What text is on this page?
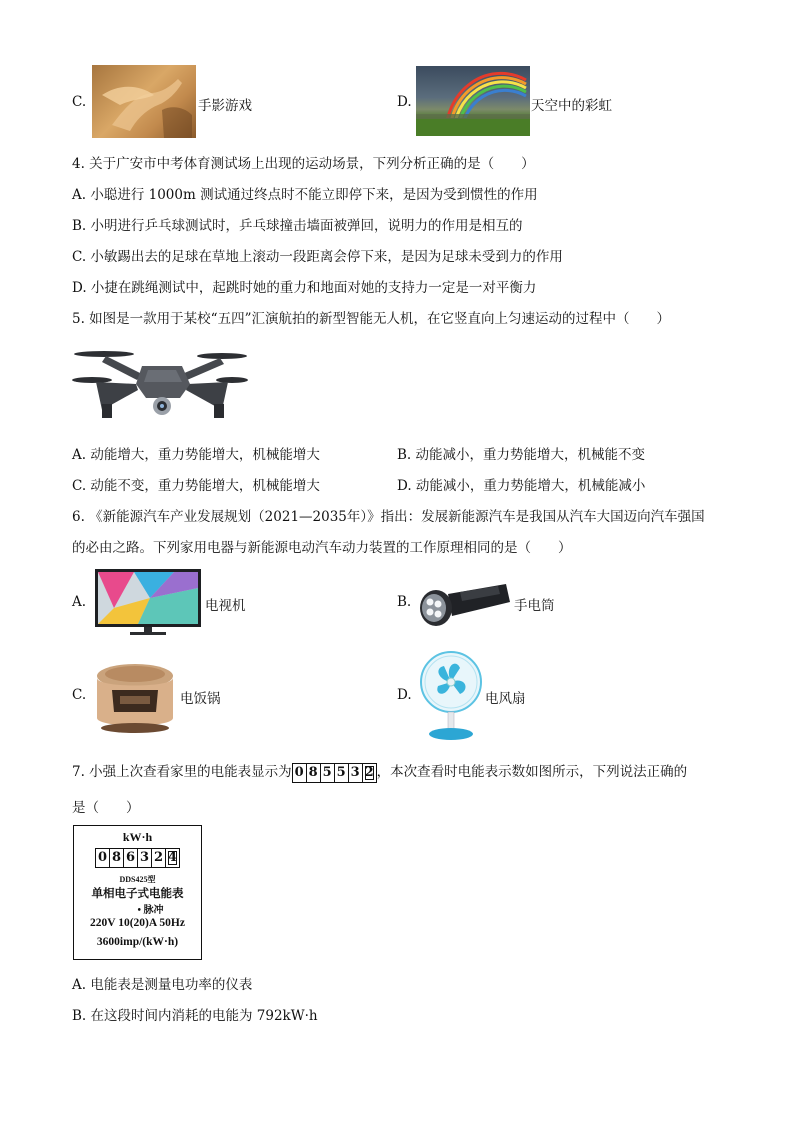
C.	手影游戏	D.	天空中的彩虹
4. 关于广安市中考体育测试场上出现的运动场景，下列分析正确的是（　　）
A. 小聪进行 1000m 测试通过终点时不能立即停下来，是因为受到惯性的作用
B. 小明进行乒乓球测试时，乒乓球撞击墙面被弹回，说明力的作用是相互的
C. 小敏踢出去的足球在草地上滚动一段距离会停下来，是因为足球未受到力的作用
D. 小捷在跳绳测试中，起跳时她的重力和地面对她的支持力一定是一对平衡力
5. 如图是一款用于某校“五四”汇演航拍的新型智能无人机，在它竖直向上匀速运动的过程中（　　）
A. 动能增大，重力势能增大，机械能增大	B. 动能减小，重力势能增大，机械能不变
C. 动能不变，重力势能增大，机械能增大	D. 动能减小，重力势能增大，机械能减小
6. 《新能源汽车产业发展规划（2021—2035年）》指出：发展新能源汽车是我国从汽车大国迈向汽车强国
的必由之路。下列家用电器与新能源电动汽车动力装置的工作原理相同的是（　　）
A.	电视机	B.	手电筒
C.	电饭锅	D.	电风扇
7. 小强上次查看家里的电能表显示为 0 8 5 5 3 2 ，本次查看时电能表示数如图所示，下列说法正确的
是（　　）
kW·h
0 8 6 3 2 4
DDS425型
单相电子式电能表
• 脉冲
220V 10(20)A 50Hz
3600imp/(kW·h)
A. 电能表是测量电功率的仪表
B. 在这段时间内消耗的电能为 792kW·h
